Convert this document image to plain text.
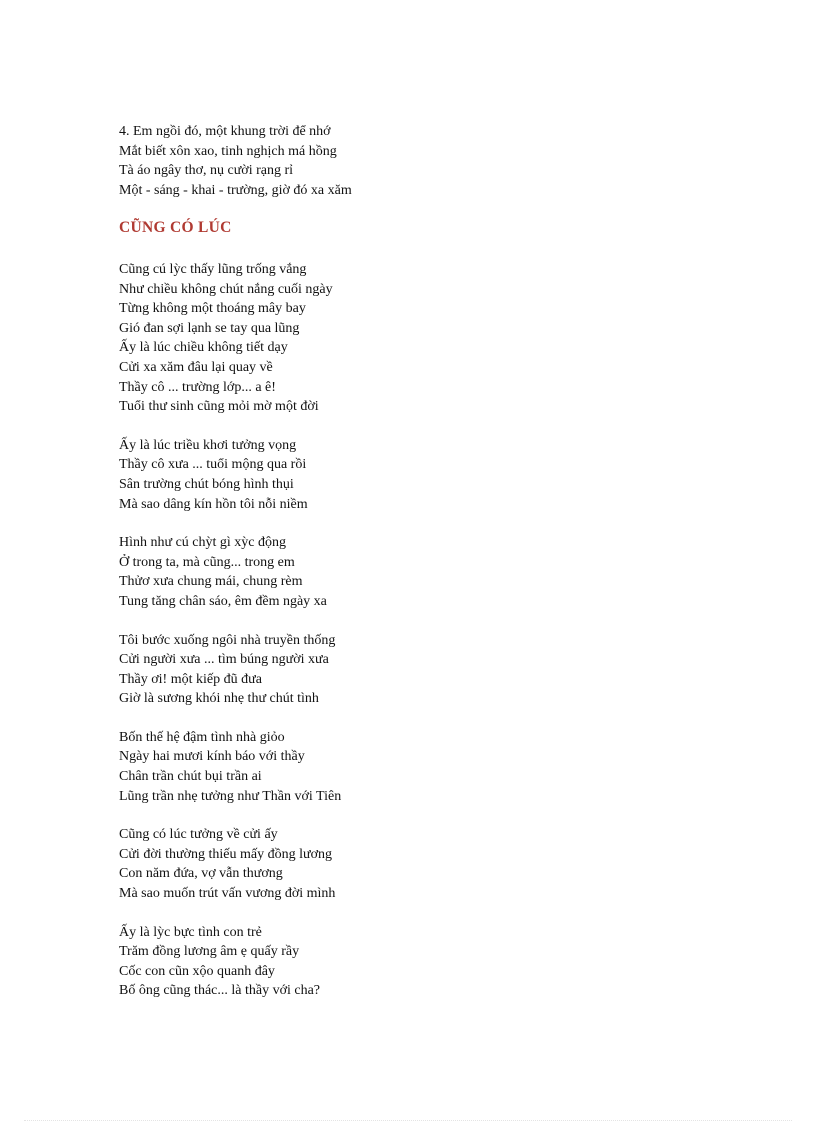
4. Em ngồi đó, một khung trời để nhớ
Mắt biết xôn xao, tinh nghịch má hồng
Tà áo ngây thơ, nụ cười rạng rỉ
Một - sáng - khai - trường, giờ đó xa xăm
CŨNG CÓ LÚC
Cũng cú lỳc thấy lũng trống vắng
Như chiều không chút nắng cuối ngày
Từng không một thoáng mây bay
Gió đan sợi lạnh se tay qua lũng
Ấy là lúc chiều không tiết dạy
Cửi xa xăm đâu lại quay về
Thầy cô ... trường lớp... a ê!
Tuổi thư sinh cũng mỏi mờ một đời
Ấy là lúc triều khơi tưởng vọng
Thầy cô xưa ... tuổi mộng qua rồi
Sân trường chút bóng hình thụi
Mà sao dâng kín hồn tôi nỗi niềm
Hình như cú chỳt gì xỳc động
Ở trong ta, mà cũng... trong em
Thửơ xưa chung mái, chung rèm
Tung tăng chân sáo, êm đềm ngày xa
Tôi bước xuống ngôi nhà truyền thống
Cửi người xưa ... tìm búng người xưa
Thầy ơi! một kiếp đũ đưa
Giờ là sương khói nhẹ thư chút tình
Bốn thế hệ đậm tình nhà giỏo
Ngày hai mươi kính báo với thầy
Chân trần chút bụi trần ai
Lũng trần nhẹ tưởng như Thần với Tiên
Cũng có lúc tưởng về cửi ấy
Cửi đời thường thiếu mấy đồng lương
Con năm đứa, vợ vẫn thương
Mà sao muốn trút vấn vương đời mình
Ấy là lỳc bực tình con trẻ
Trăm đồng lương âm ẹ quấy rầy
Cốc con cũn xộo quanh đây
Bố ông cũng thác... là thầy với cha?
